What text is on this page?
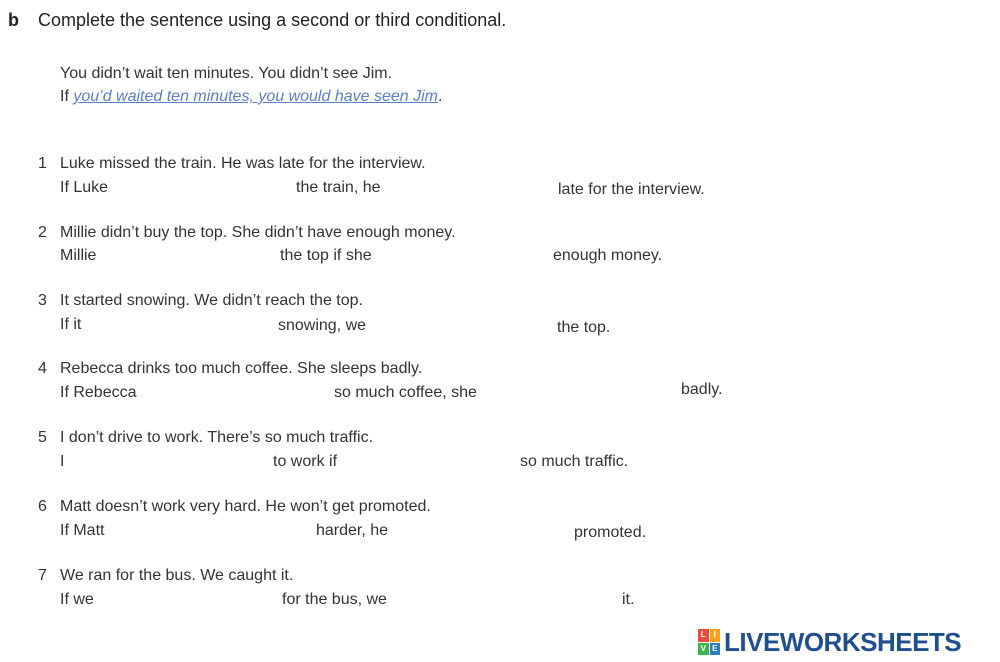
b Complete the sentence using a second or third conditional.
You didn’t wait ten minutes. You didn’t see Jim.
If you’d waited ten minutes, you would have seen Jim.
1 Luke missed the train. He was late for the interview.
If Luke	the train, he	late for the interview.
2 Millie didn’t buy the top. She didn’t have enough money.
Millie	the top if she	enough money.
3 It started snowing. We didn’t reach the top.
If it	snowing, we	the top.
4 Rebecca drinks too much coffee. She sleeps badly.
If Rebecca	so much coffee, she	badly.
5 I don’t drive to work. There’s so much traffic.
I	to work if	so much traffic.
6 Matt doesn’t work very hard. He won’t get promoted.
If Matt	harder, he	promoted.
7 We ran for the bus. We caught it.
If we	for the bus, we	it.
L I
V E LIVEWORKSHEETS
